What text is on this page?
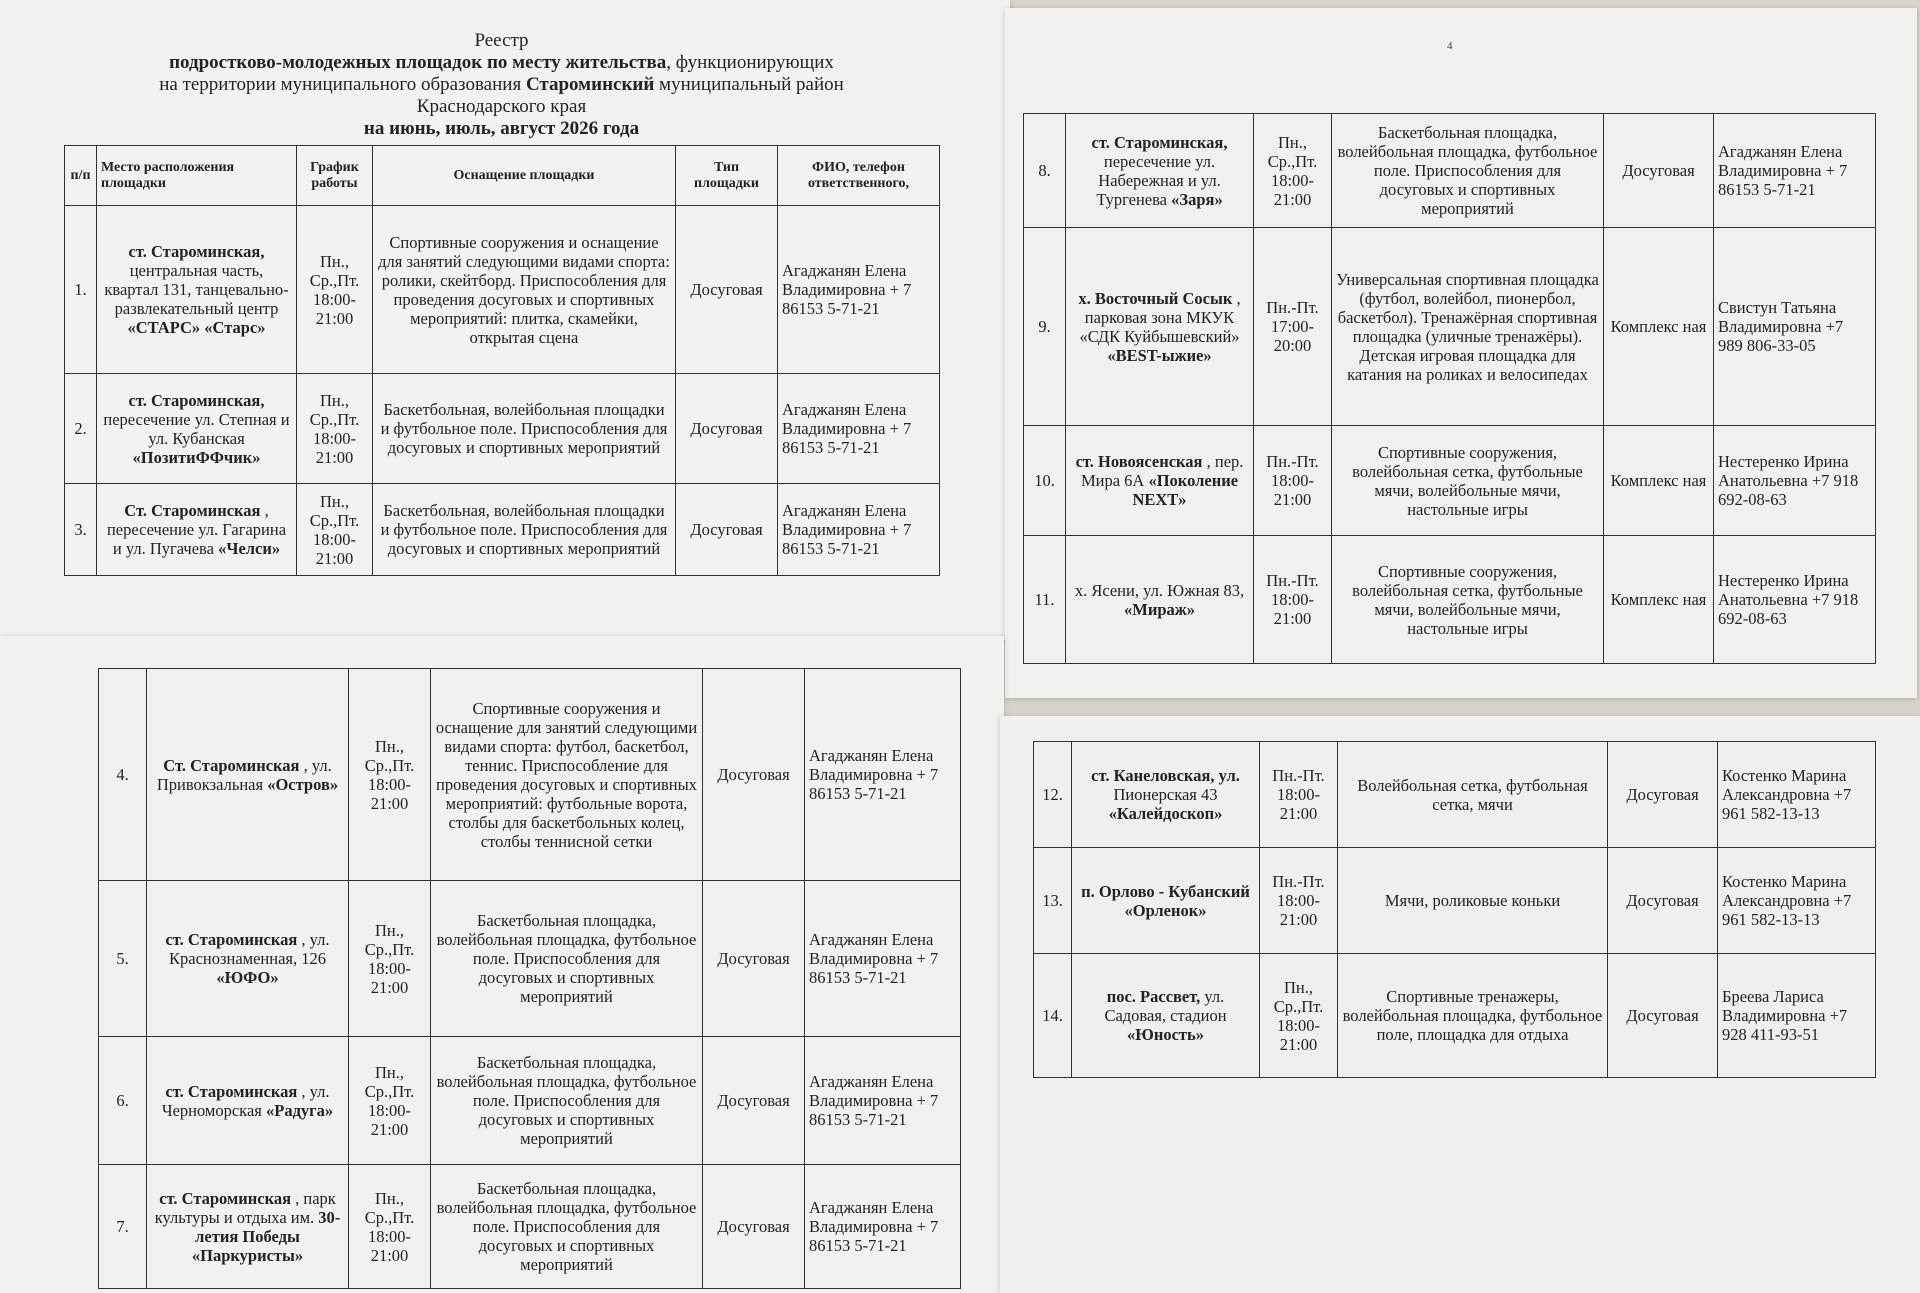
Реестр
подростково-молодежных площадок по месту жительства, функционирующих
на территории муниципального образования Староминский муниципальный район
Краснодарского края
на июнь, июль, август 2026 года
п/п	Место расположения площадки	График работы	Оснащение площадки	Тип площадки	ФИО, телефон ответственного,
1.	ст. Староминская, центральная часть, квартал 131, танцевально-развлекательный центр «СТАРС» «Старс»	Пн., Ср.,Пт. 18:00-21:00	Спортивные сооружения и оснащение для занятий следующими видами спорта: ролики, скейтборд. Приспособления для проведения досуговых и спортивных мероприятий: плитка, скамейки, открытая сцена	Досуговая	Агаджанян Елена Владимировна + 7 86153 5-71-21
2.	ст. Староминская, пересечение ул. Степная и ул. Кубанская «ПозитиФФчик»	Пн., Ср.,Пт. 18:00-21:00	Баскетбольная, волейбольная площадки и футбольное поле. Приспособления для досуговых и спортивных мероприятий	Досуговая	Агаджанян Елена Владимировна + 7 86153 5-71-21
3.	Ст. Староминская , пересечение ул. Гагарина и ул. Пугачева «Челси»	Пн., Ср.,Пт. 18:00-21:00	Баскетбольная, волейбольная площадки и футбольное поле. Приспособления для досуговых и спортивных мероприятий	Досуговая	Агаджанян Елена Владимировна + 7 86153 5-71-21
4
8.	ст. Староминская, пересечение ул. Набережная и ул. Тургенева «Заря»	Пн., Ср.,Пт. 18:00-21:00	Баскетбольная площадка, волейбольная площадка, футбольное поле. Приспособления для досуговых и спортивных мероприятий	Досуговая	Агаджанян Елена Владимировна + 7 86153 5-71-21
9.	х. Восточный Сосык , парковая зона МКУК «СДК Куйбышевский» «BEST-ыжие»	Пн.-Пт. 17:00-20:00	Универсальная спортивная площадка (футбол, волейбол, пионербол, баскетбол). Тренажёрная спортивная площадка (уличные тренажёры). Детская игровая площадка для катания на роликах и велосипедах	Комплекс ная	Свистун Татьяна Владимировна +7 989 806-33-05
10.	ст. Новоясенская , пер. Мира 6А «Поколение NEXT»	Пн.-Пт. 18:00-21:00	Спортивные сооружения, волейбольная сетка, футбольные мячи, волейбольные мячи, настольные игры	Комплекс ная	Нестеренко Ирина Анатольевна +7 918 692-08-63
11.	х. Ясени, ул. Южная 83, «Мираж»	Пн.-Пт. 18:00-21:00	Спортивные сооружения, волейбольная сетка, футбольные мячи, волейбольные мячи, настольные игры	Комплекс ная	Нестеренко Ирина Анатольевна +7 918 692-08-63
4.	Ст. Староминская , ул. Привокзальная «Остров»	Пн., Ср.,Пт. 18:00-21:00	Спортивные сооружения и оснащение для занятий следующими видами спорта: футбол, баскетбол, теннис. Приспособление для проведения досуговых и спортивных мероприятий: футбольные ворота, столбы для баскетбольных колец, столбы теннисной сетки	Досуговая	Агаджанян Елена Владимировна + 7 86153 5-71-21
5.	ст. Староминская , ул. Краснознаменная, 126 «ЮФО»	Пн., Ср.,Пт. 18:00-21:00	Баскетбольная площадка, волейбольная площадка, футбольное поле. Приспособления для досуговых и спортивных мероприятий	Досуговая	Агаджанян Елена Владимировна + 7 86153 5-71-21
6.	ст. Староминская , ул. Черноморская «Радуга»	Пн., Ср.,Пт. 18:00-21:00	Баскетбольная площадка, волейбольная площадка, футбольное поле. Приспособления для досуговых и спортивных мероприятий	Досуговая	Агаджанян Елена Владимировна + 7 86153 5-71-21
7.	ст. Староминская , парк культуры и отдыха им. 30-летия Победы «Паркуристы»	Пн., Ср.,Пт. 18:00-21:00	Баскетбольная площадка, волейбольная площадка, футбольное поле. Приспособления для досуговых и спортивных мероприятий	Досуговая	Агаджанян Елена Владимировна + 7 86153 5-71-21
12.	ст. Канеловская, ул. Пионерская 43 «Калейдоскоп»	Пн.-Пт. 18:00-21:00	Волейбольная сетка, футбольная сетка, мячи	Досуговая	Костенко Марина Александровна +7 961 582-13-13
13.	п. Орлово - Кубанский «Орленок»	Пн.-Пт. 18:00-21:00	Мячи, роликовые коньки	Досуговая	Костенко Марина Александровна +7 961 582-13-13
14.	пос. Рассвет, ул. Садовая, стадион «Юность»	Пн., Ср.,Пт. 18:00-21:00	Спортивные тренажеры, волейбольная площадка, футбольное поле, площадка для отдыха	Досуговая	Бреева Лариса Владимировна +7 928 411-93-51
